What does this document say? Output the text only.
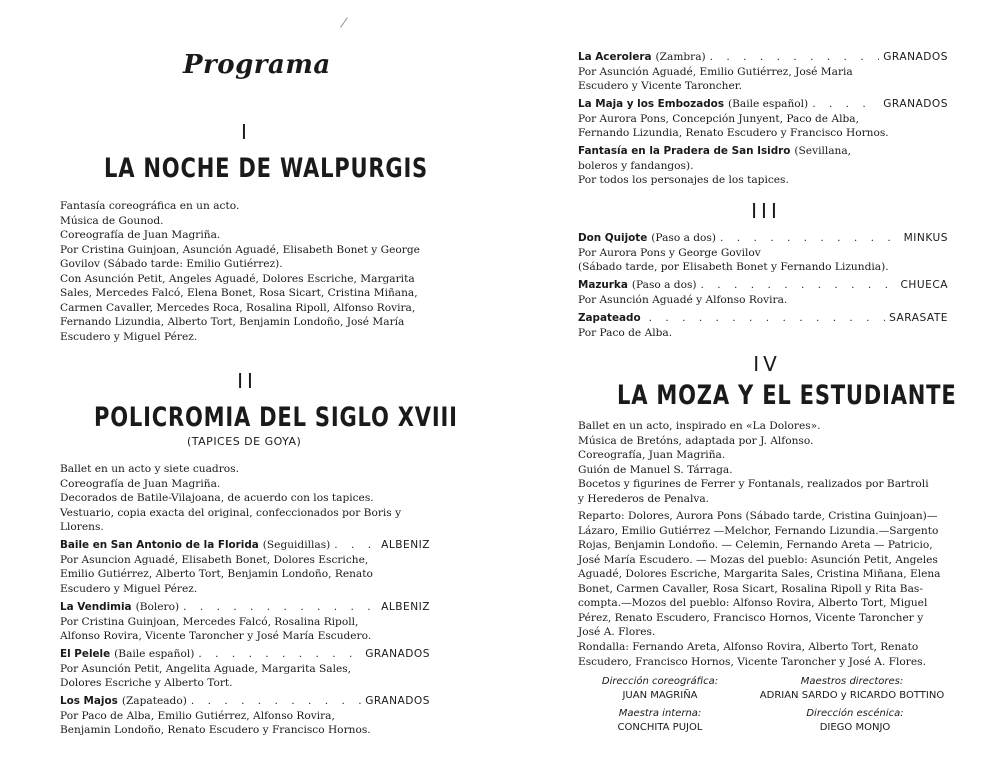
Programa
I
LA NOCHE DE WALPURGIS

Fantasía coreográfica en un acto.

Música de Gounod.

Coreografía de Juan Magriña.

Por Cristina Guinjoan, Asunción Aguadé, Elisabeth Bonet y George

Govilov (Sábado tarde: Emilio Gutiérrez).

Con Asunción Petit, Angeles Aguadé, Dolores Escriche, Margarita

Sales, Mercedes Falcó, Elena Bonet, Rosa Sicart, Cristina Miñana,

Carmen Cavaller, Mercedes Roca, Rosalina Ripoll, Alfonso Rovira,

Fernando Lizundia, Alberto Tort, Benjamin Londoño, José María

Escudero y Miguel Pérez.

II
POLICROMIA DEL SIGLO XVIII
(TAPICES DE GOYA)

Ballet en un acto y siete cuadros.

Coreografía de Juan Magriña.

Decorados de Batile-Vilajoana, de acuerdo con los tapices.

Vestuario, copia exacta del original, confeccionados por Boris y

Llorens.

Baile en San Antonio de la Florida (Seguidillas) . . .	ALBENIZ
Por Asuncion Aguadé, Elisabeth Bonet, Dolores Escriche,
Emilio Gutiérrez, Alberto Tort, Benjamin Londoño, Renato
Escudero y Miguel Pérez.
La Vendimia (Bolero) . . .	ALBENIZ
Por Cristina Guinjoan, Mercedes Falcó, Rosalina Ripoll,
Alfonso Rovira, Vicente Taroncher y José María Escudero.
El Pelele (Baile español) . . .	GRANADOS
Por Asunción Petit, Angelita Aguade, Margarita Sales,
Dolores Escriche y Alberto Tort.
Los Majos (Zapateado) . . .	GRANADOS
Por Paco de Alba, Emilio Gutiérrez, Alfonso Rovira,
Benjamin Londoño, Renato Escudero y Francisco Hornos.
La Acerolera (Zambra) . . .	GRANADOS
Por Asunción Aguadé, Emilio Gutiérrez, José Maria
Escudero y Vicente Taroncher.
La Maja y los Embozados (Baile español) . . .	GRANADOS
Por Aurora Pons, Concepción Junyent, Paco de Alba,
Fernando Lizundia, Renato Escudero y Francisco Hornos.
Fantasía en la Pradera de San Isidro (Sevillana,
boleros y fandangos).
Por todos los personajes de los tapices.
III
Don Quijote (Paso a dos) . . .	MINKUS
Por Aurora Pons y George Govilov
(Sábado tarde, por Elisabeth Bonet y Fernando Lizundia).
Mazurka (Paso a dos) . . .	CHUECA
Por Asunción Aguadé y Alfonso Rovira.
Zapateado . . .	SARASATE
Por Paco de Alba.
IV
LA MOZA Y EL ESTUDIANTE

Ballet en un acto, inspirado en «La Dolores».

Música de Bretóns, adaptada por J. Alfonso.

Coreografía, Juan Magriña.

Guión de Manuel S. Tárraga.

Bocetos y figurines de Ferrer y Fontanals, realizados por Bartroli

y Herederos de Penalva.

Reparto: Dolores, Aurora Pons (Sábado tarde, Cristina Guinjoan)—

Lázaro, Emilio Gutiérrez —Melchor, Fernando Lizundia.—Sargento

Rojas, Benjamin Londoño. — Celemin, Fernando Areta — Patricio,

José María Escudero. — Mozas del pueblo: Asunción Petit, Angeles

Aguadé, Dolores Escriche, Margarita Sales, Cristina Miñana, Elena

Bonet, Carmen Cavaller, Rosa Sicart, Rosalina Ripoll y Rita Bas-

compta.—Mozos del pueblo: Alfonso Rovira, Alberto Tort, Miguel

Pérez, Renato Escudero, Francisco Hornos, Vicente Taroncher y

José A. Flores.

Rondalla: Fernando Areta, Alfonso Rovira, Alberto Tort, Renato

Escudero, Francisco Hornos, Vicente Taroncher y José A. Flores.

Dirección coreográfica:
JUAN MAGRIÑA
Maestros directores:
ADRIAN SARDO y RICARDO BOTTINO
Maestra interna:
CONCHITA PUJOL
Dirección escénica:
DIEGO MONJO
